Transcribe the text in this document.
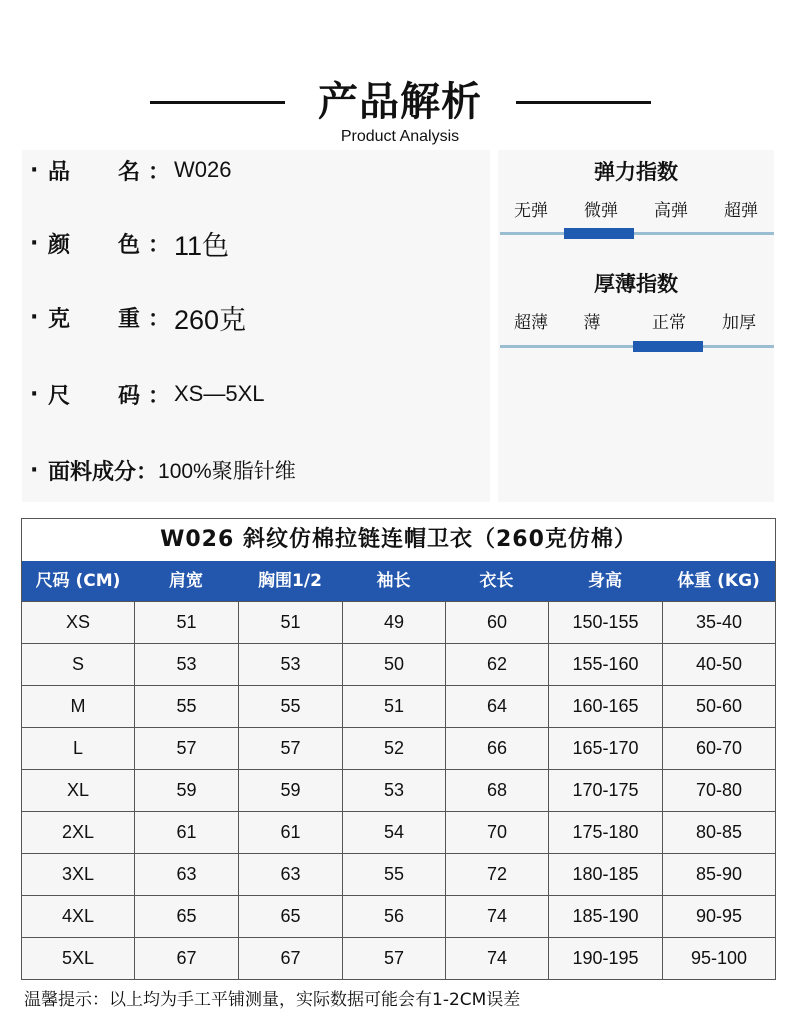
产品解析
Product Analysis
· 品	名 ： W026
· 颜	色 ： 11色
· 克	重 ： 260克
· 尺	码 ： XS—5XL
· 面料成分 ： 100%聚脂针维
弹力指数
无弹	微弹	高弹	超弹
厚薄指数
超薄	薄	正常	加厚
W026 斜纹仿棉拉链连帽卫衣（260克仿棉）
尺码 (CM)	肩宽	胸围1/2	袖长	衣长	身高	体重 (KG)
XS	51	51	49	60	150-155	35-40
S	53	53	50	62	155-160	40-50
M	55	55	51	64	160-165	50-60
L	57	57	52	66	165-170	60-70
XL	59	59	53	68	170-175	70-80
2XL	61	61	54	70	175-180	80-85
3XL	63	63	55	72	180-185	85-90
4XL	65	65	56	74	185-190	90-95
5XL	67	67	57	74	190-195	95-100
温馨提示：以上均为手工平铺测量，实际数据可能会有1-2CM误差
